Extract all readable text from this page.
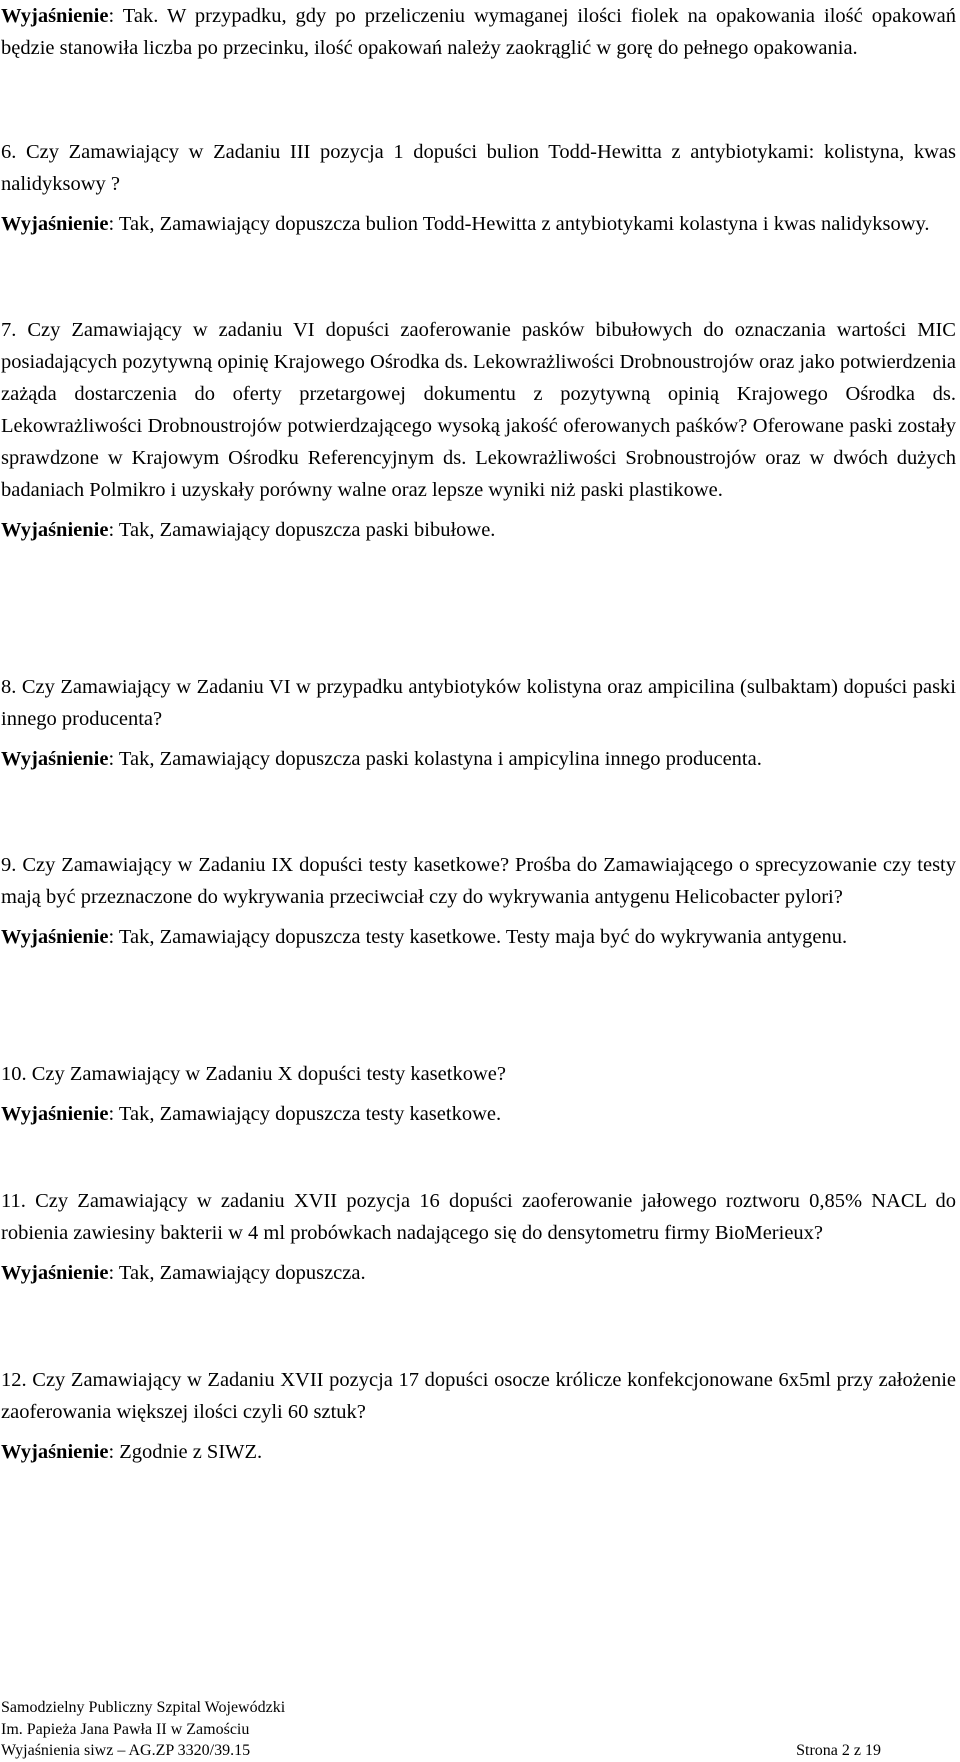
Wyjaśnienie: Tak. W przypadku, gdy po przeliczeniu wymaganej ilości fiolek na opakowania ilość opakowań będzie stanowiła liczba po przecinku, ilość opakowań należy zaokrąglić w gorę do pełnego opakowania.

6. Czy Zamawiający w Zadaniu III pozycja 1 dopuści bulion Todd-Hewitta z antybiotykami: kolistyna, kwas nalidyksowy ?

Wyjaśnienie: Tak, Zamawiający dopuszcza bulion Todd-Hewitta z antybiotykami kolastyna i kwas nalidyksowy.

7. Czy Zamawiający w zadaniu VI dopuści zaoferowanie pasków bibułowych do oznaczania wartości MIC posiadających pozytywną opinię Krajowego Ośrodka ds. Lekowrażliwości Drobnoustrojów oraz jako potwierdzenia zażąda dostarczenia do oferty przetargowej dokumentu z pozytywną opinią Krajowego Ośrodka ds. Lekowrażliwości Drobnoustrojów potwierdzającego wysoką jakość oferowanych paśków? Oferowane paski zostały sprawdzone w Krajowym Ośrodku Referencyjnym ds. Lekowrażliwości Srobnoustrojów oraz w dwóch dużych badaniach Polmikro i uzyskały porówny walne oraz lepsze wyniki niż paski plastikowe.

Wyjaśnienie: Tak, Zamawiający dopuszcza paski bibułowe.

8. Czy Zamawiający w Zadaniu VI w przypadku antybiotyków kolistyna oraz ampicilina (sulbaktam) dopuści paski innego producenta?

Wyjaśnienie: Tak, Zamawiający dopuszcza paski kolastyna i ampicylina innego producenta.

9. Czy Zamawiający w Zadaniu IX dopuści testy kasetkowe? Prośba do Zamawiającego o sprecyzowanie czy testy mają być przeznaczone do wykrywania przeciwciał czy do wykrywania antygenu Helicobacter pylori?

Wyjaśnienie: Tak, Zamawiający dopuszcza testy kasetkowe. Testy maja być do wykrywania antygenu.

10. Czy Zamawiający w Zadaniu X dopuści testy kasetkowe?

Wyjaśnienie: Tak, Zamawiający dopuszcza testy kasetkowe.

11. Czy Zamawiający w zadaniu XVII pozycja 16 dopuści zaoferowanie jałowego roztworu 0,85% NACL do robienia zawiesiny bakterii w 4 ml probówkach nadającego się do densytometru firmy BioMerieux?

Wyjaśnienie: Tak, Zamawiający dopuszcza.

12. Czy Zamawiający w Zadaniu XVII pozycja 17 dopuści osocze królicze konfekcjonowane 6x5ml przy założenie zaoferowania większej ilości czyli 60 sztuk?

Wyjaśnienie: Zgodnie z SIWZ.

Samodzielny Publiczny Szpital Wojewódzki
Im. Papieża Jana Pawła II w Zamościu
Wyjaśnienia siwz – AG.ZP 3320/39.15	Strona 2 z 19
